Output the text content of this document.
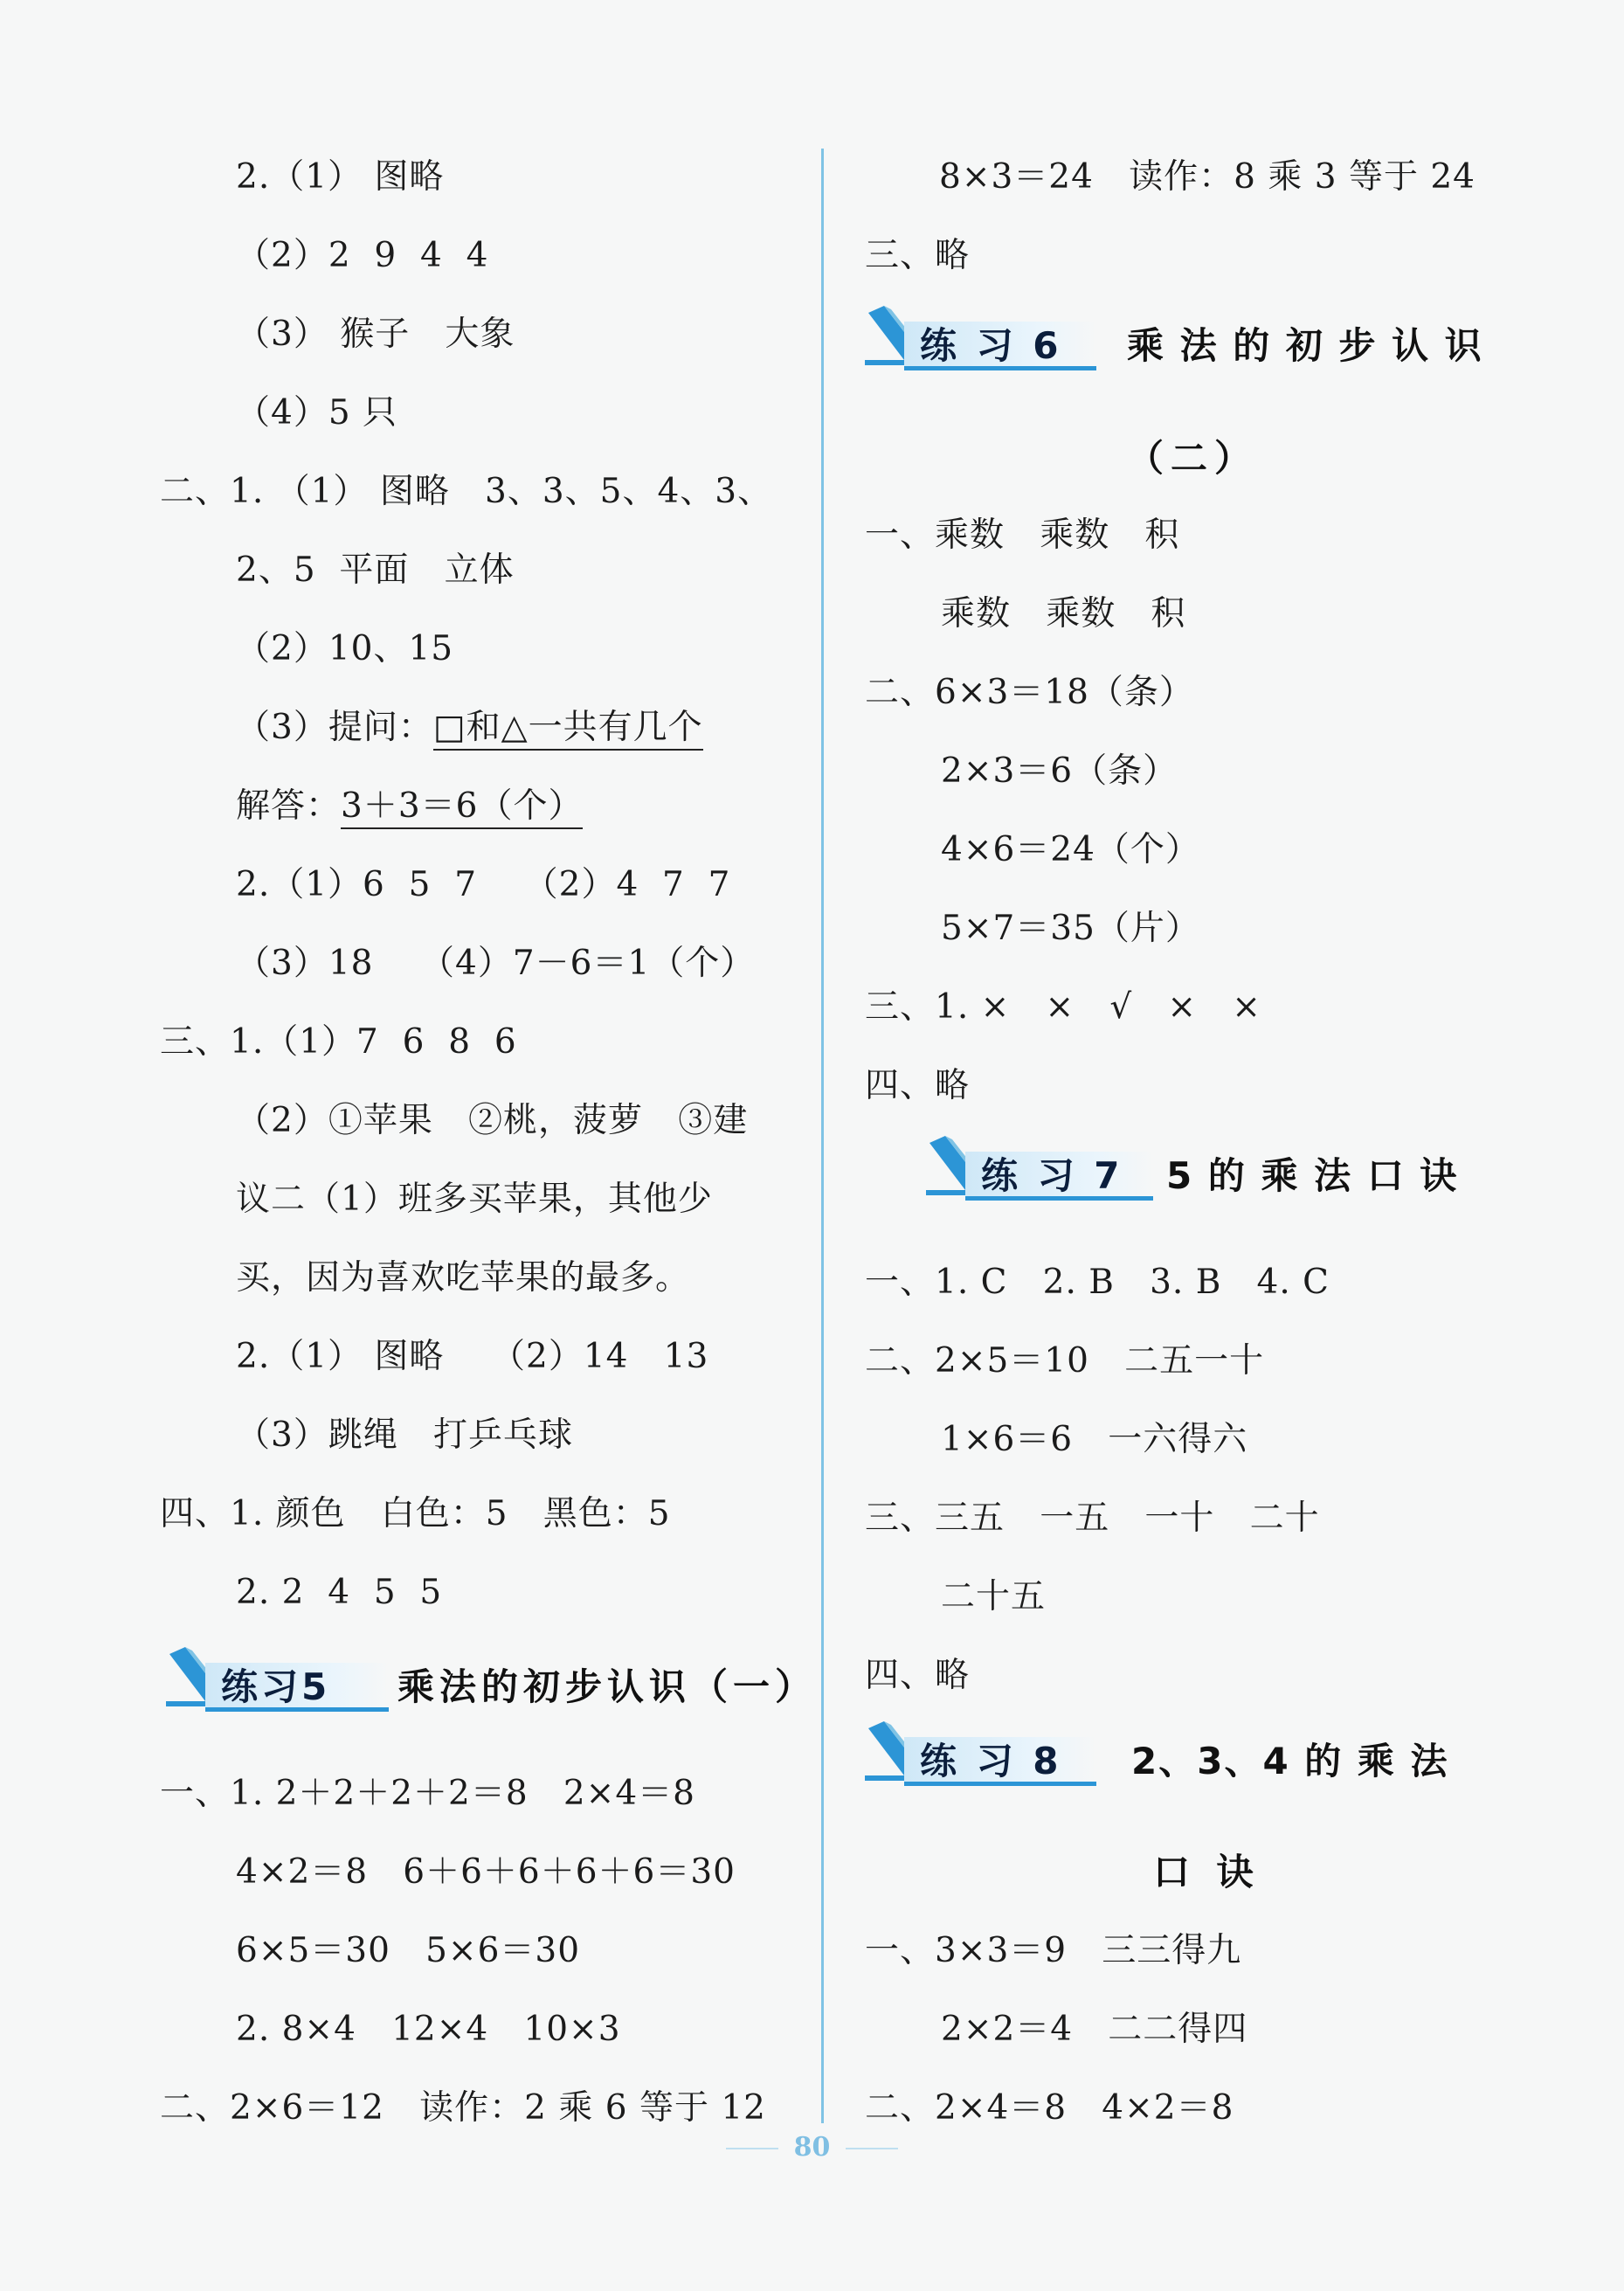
2.（1） 图略
（2）2  9  4  4
（3） 猴子   大象
（4）5 只
二、1. （1） 图略   3、3、5、4、3、
2、5  平面   立体
（2）10、15
（3）提问：□和△一共有几个
解答：3＋3＝6（个）
2.（1）6  5  7    （2）4  7  7
（3）18    （4）7－6＝1（个）
三、1.（1）7  6  8  6
（2）①苹果   ②桃，菠萝   ③建
议二（1）班多买苹果，其他少
买，因为喜欢吃苹果的最多。
2.（1） 图略    （2）14   13
（3）跳绳   打乒乓球
四、1. 颜色   白色：5   黑色：5
2. 2  4  5  5
练习5	乘法的初步认识（一）
一、1. 2＋2＋2＋2＝8   2×4＝8
4×2＝8   6＋6＋6＋6＋6＝30
6×5＝30   5×6＝30
2. 8×4   12×4   10×3
二、2×6＝12   读作：2 乘 6 等于 12
8×3＝24   读作：8 乘 3 等于 24
三、略
练 习 6	乘 法 的 初 步 认 识
（二）
一、乘数   乘数   积
乘数   乘数   积
二、6×3＝18（条）
2×3＝6（条）
4×6＝24（个）
5×7＝35（片）
三、1. ×   ×   √   ×   ×
四、略
练 习 7	5 的 乘 法 口 诀
一、1. C   2. B   3. B   4. C
二、2×5＝10   二五一十
1×6＝6   一六得六
三、三五   一五   一十   二十
二十五
四、略
练 习 8	2、3、4 的 乘 法
口 诀
一、3×3＝9   三三得九
2×2＝4   二二得四
二、2×4＝8   4×2＝8
80
